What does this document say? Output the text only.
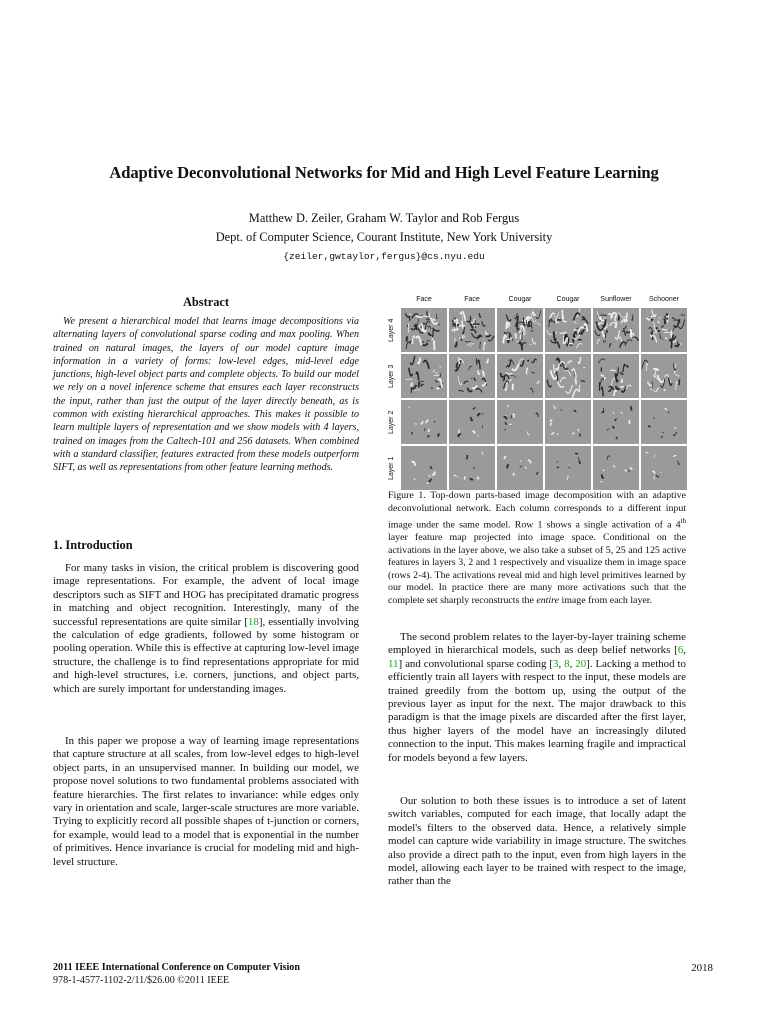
Adaptive Deconvolutional Networks for Mid and High Level Feature Learning
Matthew D. Zeiler, Graham W. Taylor and Rob Fergus
Dept. of Computer Science, Courant Institute, New York University
{zeiler,gwtaylor,fergus}@cs.nyu.edu
Abstract

We present a hierarchical model that learns image decompositions via alternating layers of convolutional sparse coding and max pooling. When trained on natural images, the layers of our model capture image information in a variety of forms: low-level edges, mid-level edge junctions, high-level object parts and complete objects. To build our model we rely on a novel inference scheme that ensures each layer reconstructs the input, rather than just the output of the layer directly beneath, as is common with existing hierarchical approaches. This makes it possible to learn multiple layers of representation and we show models with 4 layers, trained on images from the Caltech-101 and 256 datasets. When combined with a standard classifier, features extracted from these models outperform SIFT, as well as representations from other feature learning methods.

1. Introduction

For many tasks in vision, the critical problem is discovering good image representations. For example, the advent of local image descriptors such as SIFT and HOG has precipitated dramatic progress in matching and object recognition. Interestingly, many of the successful representations are quite similar [18], essentially involving the calculation of edge gradients, followed by some histogram or pooling operation. While this is effective at capturing low-level image structure, the challenge is to find representations appropriate for mid and high-level structures, i.e. corners, junctions, and object parts, which are surely important for understanding images.

In this paper we propose a way of learning image representations that capture structure at all scales, from low-level edges to high-level object parts, in an unsupervised manner. In building our model, we propose novel solutions to two fundamental problems associated with feature hierarchies. The first relates to invariance: while edges only vary in orientation and scale, larger-scale structures are more variable. Trying to explicitly record all possible shapes of t-junction or corners, for example, would lead to a model that is exponential in the number of primitives. Hence invariance is crucial for modeling mid and high-level structure.

Face	Face	Cougar	Cougar	Sunflower	Schooner
Layer 4
Layer 3
Layer 2
Layer 1

Figure 1. Top-down parts-based image decomposition with an adaptive deconvolutional network. Each column corresponds to a different input image under the same model. Row 1 shows a single activation of a 4th layer feature map projected into image space. Conditional on the activations in the layer above, we also take a subset of 5, 25 and 125 active features in layers 3, 2 and 1 respectively and visualize them in image space (rows 2-4). The activations reveal mid and high level primitives learned by our model. In practice there are many more activations such that the complete set sharply reconstructs the entire image from each layer.

The second problem relates to the layer-by-layer training scheme employed in hierarchical models, such as deep belief networks [6, 11] and convolutional sparse coding [3, 8, 20]. Lacking a method to efficiently train all layers with respect to the input, these models are trained greedily from the bottom up, using the output of the previous layer as input for the next. The major drawback to this paradigm is that the image pixels are discarded after the first layer, thus higher layers of the model have an increasingly diluted connection to the input. This makes learning fragile and impractical for models beyond a few layers.

Our solution to both these issues is to introduce a set of latent switch variables, computed for each image, that locally adapt the model's filters to the observed data. Hence, a relatively simple model can capture wide variability in image structure. The switches also provide a direct path to the input, even from high layers in the model, allowing each layer to be trained with respect to the image, rather than the

2011 IEEE International Conference on Computer Vision
978-1-4577-1102-2/11/$26.00 ©2011 IEEE
2018
